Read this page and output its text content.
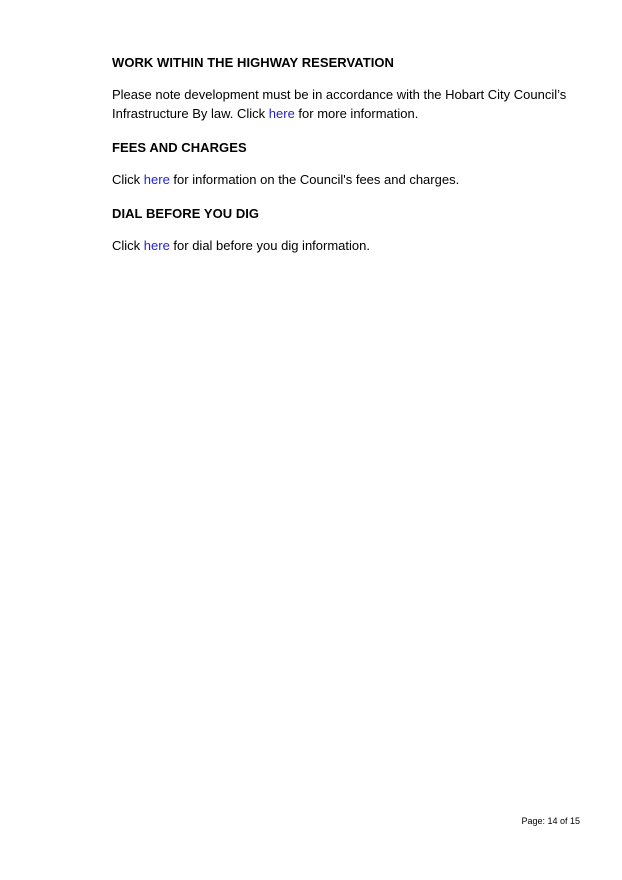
WORK WITHIN THE HIGHWAY RESERVATION

Please note development must be in accordance with the Hobart City Council’s
Infrastructure By law. Click here for more information.

FEES AND CHARGES

Click here for information on the Council's fees and charges.

DIAL BEFORE YOU DIG

Click here for dial before you dig information.

Page: 14 of 15
